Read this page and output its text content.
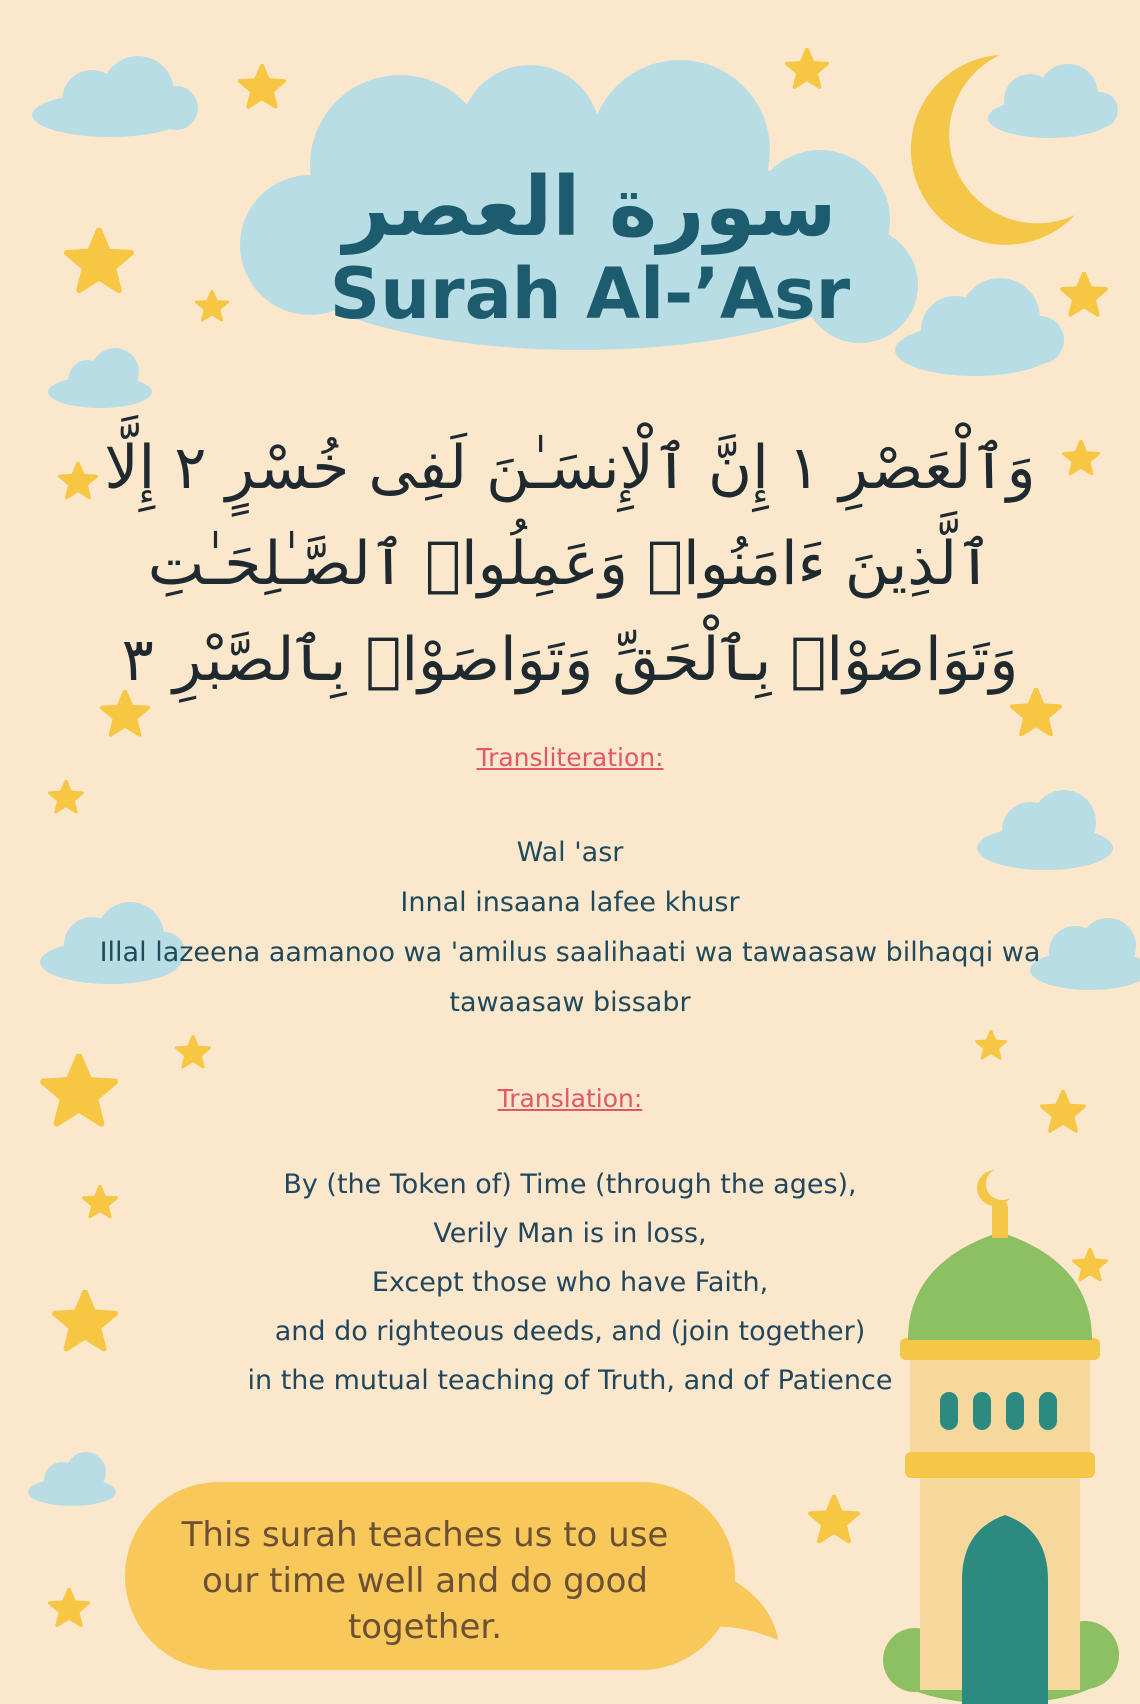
سورة العصر
Surah Al-’Asr
وَٱلْعَصْرِ ١ إِنَّ ٱلْإِنسَـٰنَ لَفِى خُسْرٍ ٢ إِلَّا
ٱلَّذِينَ ءَامَنُوا۟ وَعَمِلُوا۟ ٱلصَّـٰلِحَـٰتِ
وَتَوَاصَوْا۟ بِٱلْحَقِّ وَتَوَاصَوْا۟ بِٱلصَّبْرِ ٣

Transliteration:

Wal 'asr
Innal insaana lafee khusr
Illal lazeena aamanoo wa 'amilus saalihaati wa tawaasaw bilhaqqi wa
tawaasaw bissabr

Translation:

By (the Token of) Time (through the ages),
Verily Man is in loss,
Except those who have Faith,
and do righteous deeds, and (join together)
in the mutual teaching of Truth, and of Patience
This surah teaches us to use
our time well and do good
together.
